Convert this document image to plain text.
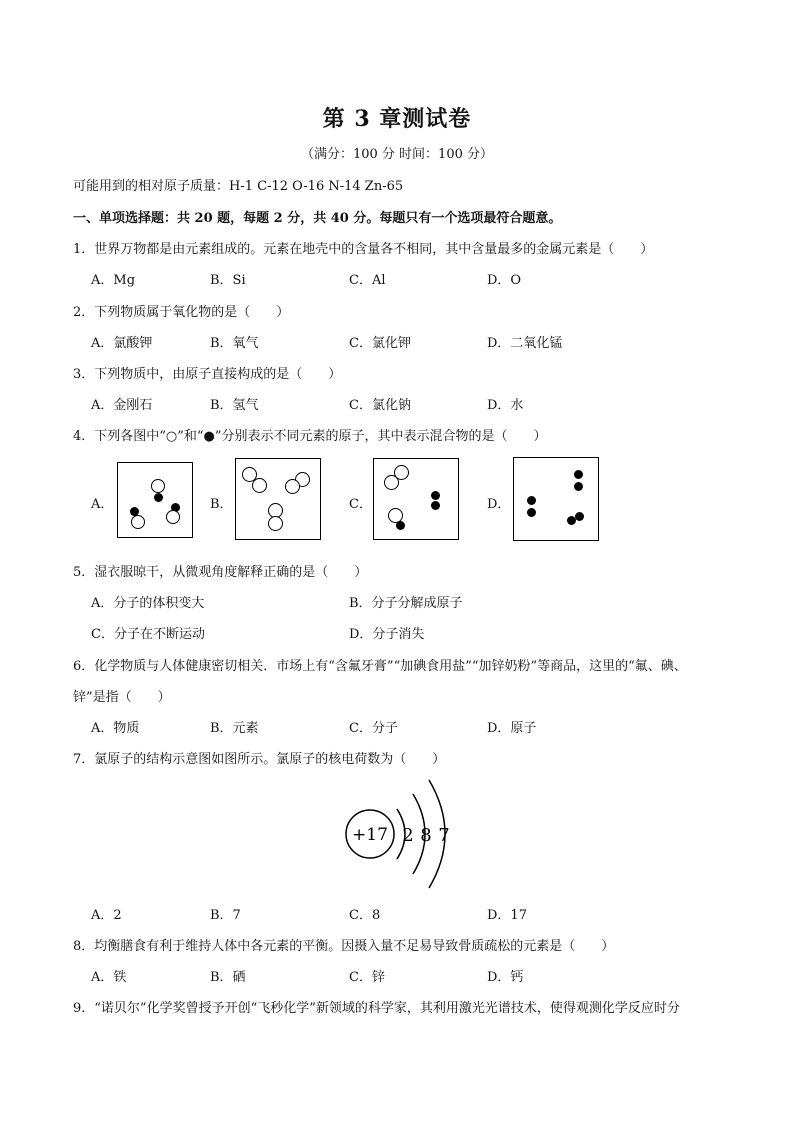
第 3 章测试卷
（满分：100 分 时间：100 分）
可能用到的相对原子质量：H-1 C-12 O-16 N-14 Zn-65
一、单项选择题：共 20 题，每题 2 分，共 40 分。每题只有一个选项最符合题意。
1．世界万物都是由元素组成的。元素在地壳中的含量各不相同，其中含量最多的金属元素是（　　）
A．Mg	B．Si	C．Al	D．O
2．下列物质属于氧化物的是（　　）
A．氯酸钾	B．氧气	C．氯化钾	D．二氧化锰
3．下列物质中，由原子直接构成的是（　　）
A．金刚石	B．氢气	C．氯化钠	D．水
4．下列各图中“○”和“●”分别表示不同元素的原子，其中表示混合物的是（　　）
A．	B．	C．	D．
5．湿衣服晾干，从微观角度解释正确的是（　　）
A．分子的体积变大	B．分子分解成原子
C．分子在不断运动	D．分子消失
6．化学物质与人体健康密切相关．市场上有“含氟牙膏”“加碘食用盐”“加锌奶粉”等商品，这里的“氟、碘、
锌”是指（　　）
A．物质	B．元素	C．分子	D．原子
7．氯原子的结构示意图如图所示。氯原子的核电荷数为（　　）
+17 2 8 7
A．2	B．7	C．8	D．17
8．均衡膳食有利于维持人体中各元素的平衡。因摄入量不足易导致骨质疏松的元素是（　　）
A．铁	B．硒	C．锌	D．钙
9．“诺贝尔”化学奖曾授予开创“飞秒化学”新领域的科学家，其利用激光光谱技术，使得观测化学反应时分
